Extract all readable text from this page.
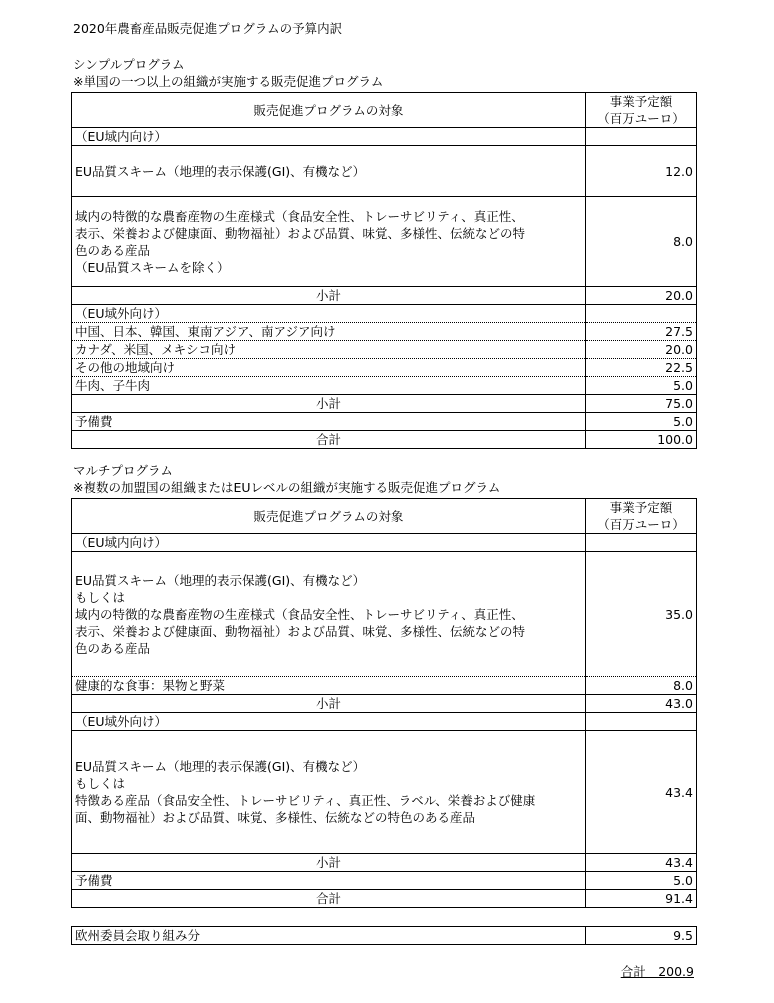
2020年農畜産品販売促進プログラムの予算内訳
シンプルプログラム
※単国の一つ以上の組織が実施する販売促進プログラム
販売促進プログラムの対象	事業予定額
（百万ユーロ）

（EU域内向け）	
EU品質スキーム（地理的表示保護(GI)、有機など）	12.0

域内の特徴的な農畜産物の生産様式（食品安全性、トレーサビリティ、真正性、
表示、栄養および健康面、動物福祉）および品質、味覚、多様性、伝統などの特
色のある産品
（EU品質スキームを除く）	8.0
小計	20.0
（EU域外向け）	
中国、日本、韓国、東南アジア、南アジア向け	27.5
カナダ、米国、メキシコ向け	20.0
その他の地域向け	22.5
牛肉、子牛肉	5.0
小計	75.0
予備費	5.0
合計	100.0
マルチプログラム
※複数の加盟国の組織またはEUレベルの組織が実施する販売促進プログラム
販売促進プログラムの対象	事業予定額
（百万ユーロ）

（EU域内向け）	

EU品質スキーム（地理的表示保護(GI)、有機など）
もしくは
域内の特徴的な農畜産物の生産様式（食品安全性、トレーサビリティ、真正性、
表示、栄養および健康面、動物福祉）および品質、味覚、多様性、伝統などの特
色のある産品	35.0
健康的な食事：果物と野菜	8.0
小計	43.0
（EU域外向け）	

EU品質スキーム（地理的表示保護(GI)、有機など）
もしくは
特徴ある産品（食品安全性、トレーサビリティ、真正性、ラベル、栄養および健康
面、動物福祉）および品質、味覚、多様性、伝統などの特色のある産品	43.4
小計	43.4
予備費	5.0
合計	91.4
欧州委員会取り組み分	9.5
合計　200.9
